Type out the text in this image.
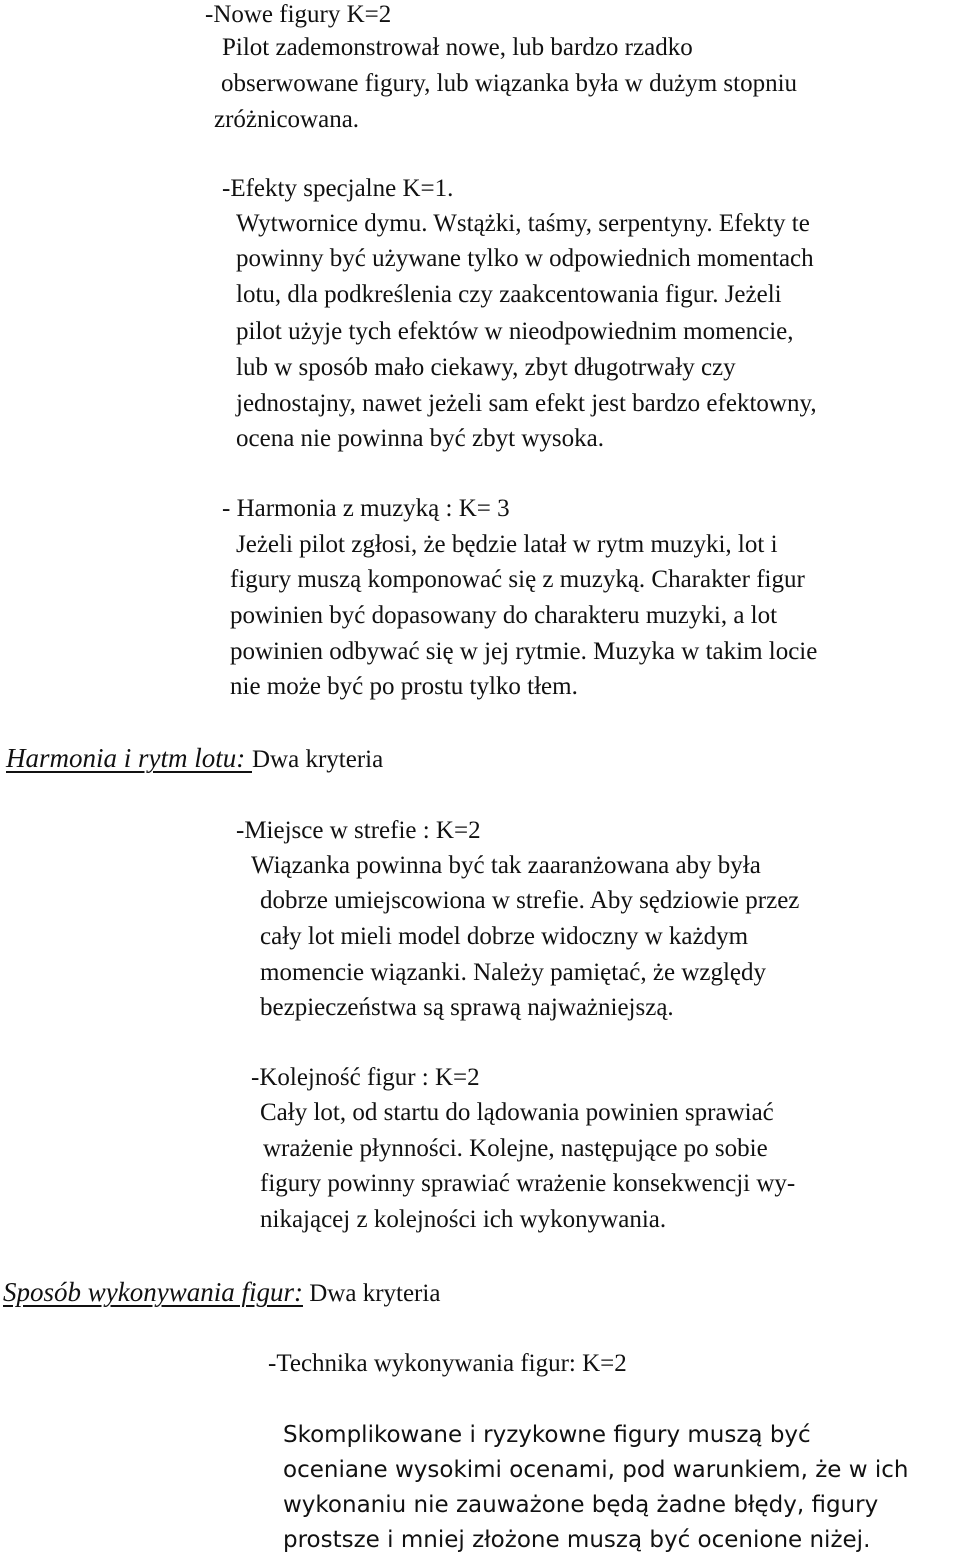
-Nowe figury K=2
Pilot zademonstrował nowe, lub bardzo rzadko
obserwowane figury, lub wiązanka była w dużym stopniu
zróżnicowana.
-Efekty specjalne K=1.
Wytwornice dymu. Wstążki, taśmy, serpentyny. Efekty te
powinny być używane tylko w odpowiednich momentach
lotu, dla podkreślenia czy zaakcentowania figur. Jeżeli
pilot użyje tych efektów w nieodpowiednim momencie,
lub w sposób mało ciekawy, zbyt długotrwały czy
jednostajny, nawet jeżeli sam efekt jest bardzo efektowny,
ocena nie powinna być zbyt wysoka.
- Harmonia z muzyką : K= 3
Jeżeli pilot zgłosi, że będzie latał w rytm muzyki, lot i
figury muszą komponować się z muzyką. Charakter figur
powinien być dopasowany do charakteru muzyki, a lot
powinien odbywać się w jej rytmie. Muzyka w takim locie
nie może być po prostu tylko tłem.
Harmonia i rytm lotu: Dwa kryteria
-Miejsce w strefie : K=2
Wiązanka powinna być tak zaaranżowana aby była
dobrze umiejscowiona w strefie. Aby sędziowie przez
cały lot mieli model dobrze widoczny w każdym
momencie wiązanki. Należy pamiętać, że względy
bezpieczeństwa są sprawą najważniejszą.
-Kolejność figur : K=2
Cały lot, od startu do lądowania powinien sprawiać
wrażenie płynności. Kolejne, następujące po sobie
figury powinny sprawiać wrażenie konsekwencji wy-
nikającej z kolejności ich wykonywania.
Sposób wykonywania figur: Dwa kryteria
-Technika wykonywania figur: K=2
Skomplikowane i ryzykowne figury muszą być
oceniane wysokimi ocenami, pod warunkiem, że w ich
wykonaniu nie zauważone będą żadne błędy, figury
prostsze i mniej złożone muszą być ocenione niżej.
